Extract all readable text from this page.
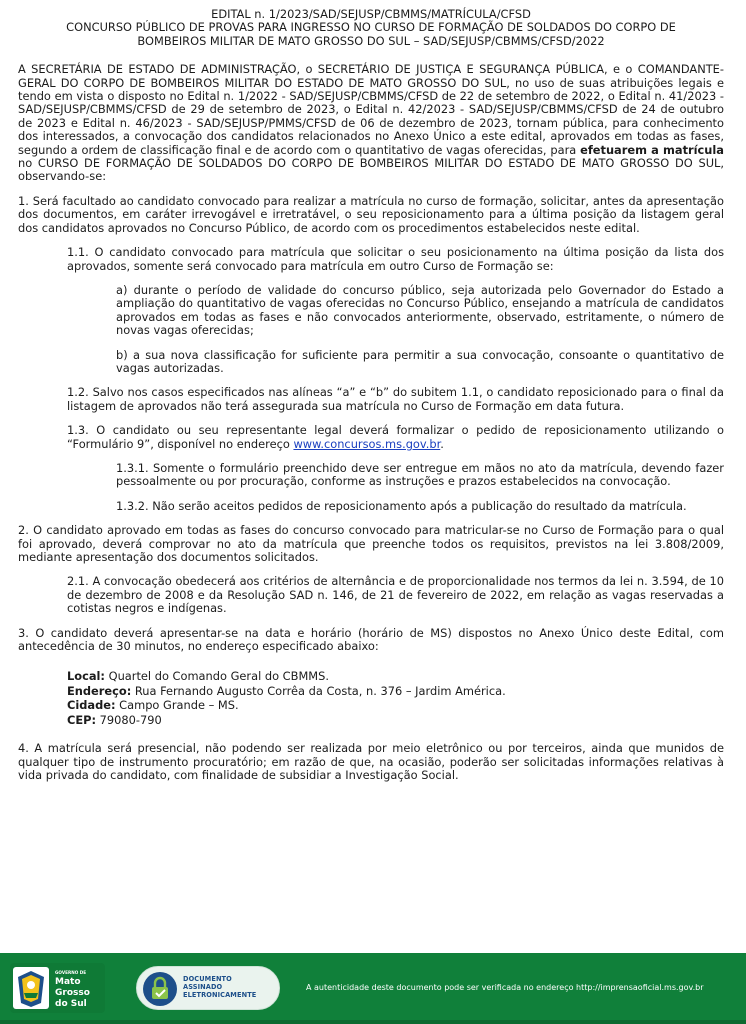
EDITAL n. 1/2023/SAD/SEJUSP/CBMMS/MATRÍCULA/CFSD
CONCURSO PÚBLICO DE PROVAS PARA INGRESSO NO CURSO DE FORMAÇÃO DE SOLDADOS DO CORPO DE
BOMBEIROS MILITAR DE MATO GROSSO DO SUL – SAD/SEJUSP/CBMMS/CFSD/2022

A SECRETÁRIA DE ESTADO DE ADMINISTRAÇÃO, o SECRETÁRIO DE JUSTIÇA E SEGURANÇA PÚBLICA, e o COMANDANTE-GERAL DO CORPO DE BOMBEIROS MILITAR DO ESTADO DE MATO GROSSO DO SUL, no uso de suas atribuições legais e tendo em vista o disposto no Edital n. 1/2022 - SAD/SEJUSP/CBMMS/CFSD de 22 de setembro de 2022, o Edital n. 41/2023 - SAD/SEJUSP/CBMMS/CFSD de 29 de setembro de 2023, o Edital n. 42/2023 - SAD/SEJUSP/CBMMS/CFSD de 24 de outubro de 2023 e Edital n. 46/2023 - SAD/SEJUSP/PMMS/CFSD de 06 de dezembro de 2023, tornam pública, para conhecimento dos interessados, a convocação dos candidatos relacionados no Anexo Único a este edital, aprovados em todas as fases, segundo a ordem de classificação final e de acordo com o quantitativo de vagas oferecidas, para efetuarem a matrícula no CURSO DE FORMAÇÃO DE SOLDADOS DO CORPO DE BOMBEIROS MILITAR DO ESTADO DE MATO GROSSO DO SUL, observando-se:

1. Será facultado ao candidato convocado para realizar a matrícula no curso de formação, solicitar, antes da apresentação dos documentos, em caráter irrevogável e irretratável, o seu reposicionamento para a última posição da listagem geral dos candidatos aprovados no Concurso Público, de acordo com os procedimentos estabelecidos neste edital.

1.1. O candidato convocado para matrícula que solicitar o seu posicionamento na última posição da lista dos aprovados, somente será convocado para matrícula em outro Curso de Formação se:

a) durante o período de validade do concurso público, seja autorizada pelo Governador do Estado a ampliação do quantitativo de vagas oferecidas no Concurso Público, ensejando a matrícula de candidatos aprovados em todas as fases e não convocados anteriormente, observado, estritamente, o número de novas vagas oferecidas;

b) a sua nova classificação for suficiente para permitir a sua convocação, consoante o quantitativo de vagas autorizadas.

1.2. Salvo nos casos especificados nas alíneas “a” e “b” do subitem 1.1, o candidato reposicionado para o final da listagem de aprovados não terá assegurada sua matrícula no Curso de Formação em data futura.

1.3. O candidato ou seu representante legal deverá formalizar o pedido de reposicionamento utilizando o “Formulário 9”, disponível no endereço www.concursos.ms.gov.br.

1.3.1. Somente o formulário preenchido deve ser entregue em mãos no ato da matrícula, devendo fazer pessoalmente ou por procuração, conforme as instruções e prazos estabelecidos na convocação.

1.3.2. Não serão aceitos pedidos de reposicionamento após a publicação do resultado da matrícula.

2. O candidato aprovado em todas as fases do concurso convocado para matricular-se no Curso de Formação para o qual foi aprovado, deverá comprovar no ato da matrícula que preenche todos os requisitos, previstos na lei 3.808/2009, mediante apresentação dos documentos solicitados.

2.1. A convocação obedecerá aos critérios de alternância e de proporcionalidade nos termos da lei n. 3.594, de 10 de dezembro de 2008 e da Resolução SAD n. 146, de 21 de fevereiro de 2022, em relação as vagas reservadas a cotistas negros e indígenas.

3. O candidato deverá apresentar-se na data e horário (horário de MS) dispostos no Anexo Único deste Edital, com antecedência de 30 minutos, no endereço especificado abaixo:

Local: Quartel do Comando Geral do CBMMS.
Endereço: Rua Fernando Augusto Corrêa da Costa, n. 376 – Jardim América.
Cidade: Campo Grande – MS.
CEP: 79080-790

4. A matrícula será presencial, não podendo ser realizada por meio eletrônico ou por terceiros, ainda que munidos de qualquer tipo de instrumento procuratório; em razão de que, na ocasião, poderão ser solicitadas informações relativas à vida privada do candidato, com finalidade de subsidiar a Investigação Social.

GOVERNO DE
Mato
Grosso
do Sul
DOCUMENTO
ASSINADO
ELETRONICAMENTE
A autenticidade deste documento pode ser verificada no endereço http://imprensaoficial.ms.gov.br
